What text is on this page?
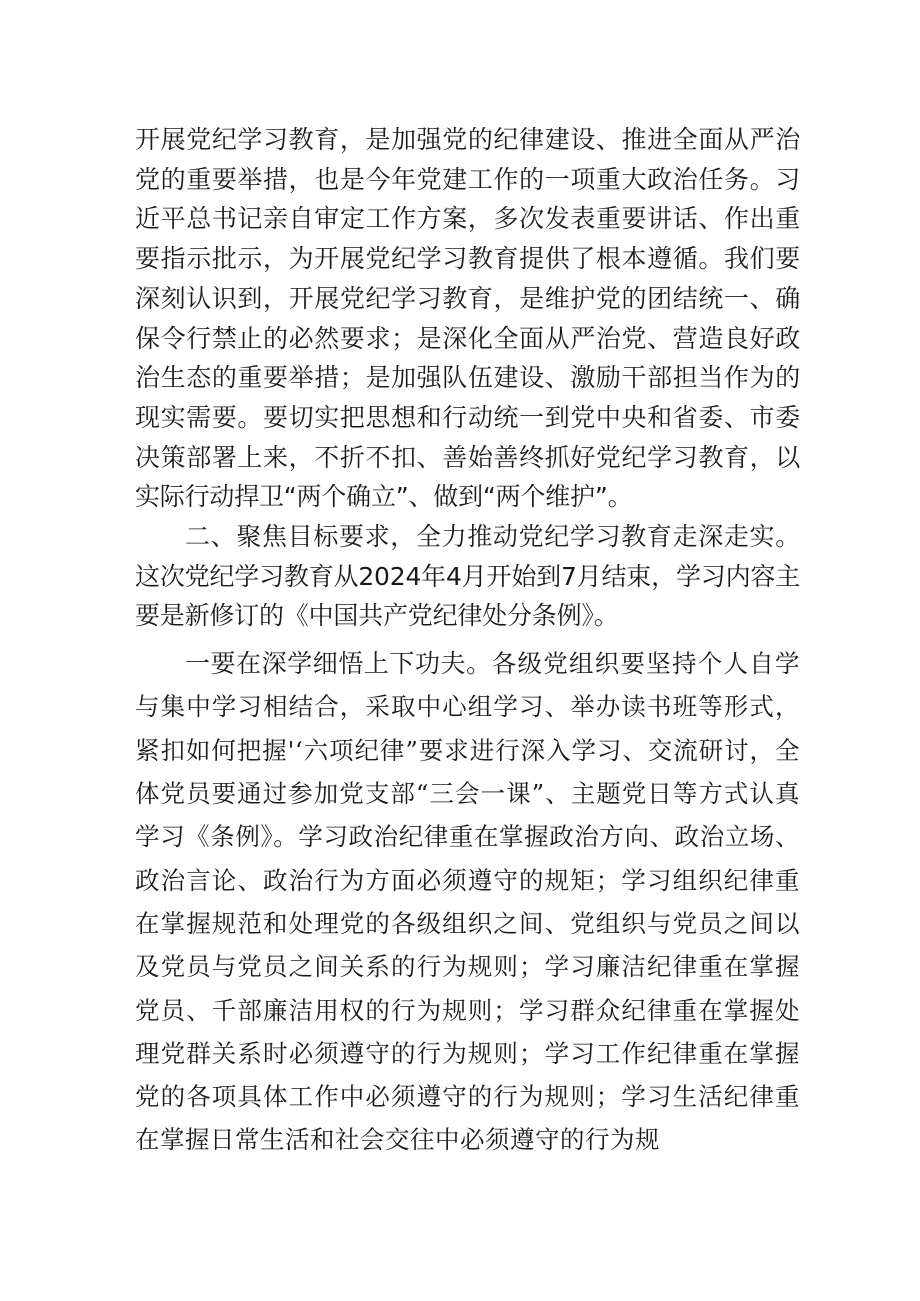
开展党纪学习教育，是加强党的纪律建设、推进全面从严治党的重要举措，也是今年党建工作的一项重大政治任务。习近平总书记亲自审定工作方案，多次发表重要讲话、作出重要指示批示，为开展党纪学习教育提供了根本遵循。我们要深刻认识到，开展党纪学习教育，是维护党的团结统一、确保令行禁止的必然要求；是深化全面从严治党、营造良好政治生态的重要举措；是加强队伍建设、激励干部担当作为的现实需要。要切实把思想和行动统一到党中央和省委、市委决策部署上来，不折不扣、善始善终抓好党纪学习教育，以实际行动捍卫“两个确立”、做到“两个维护”。

二、聚焦目标要求，全力推动党纪学习教育走深走实。这次党纪学习教育从2024年4月开始到7月结束，学习内容主要是新修订的《中国共产党纪律处分条例》。

一要在深学细悟上下功夫。各级党组织要坚持个人自学与集中学习相结合，采取中心组学习、举办读书班等形式，紧扣如何把握'‘六项纪律”要求进行深入学习、交流研讨，全体党员要通过参加党支部“三会一课”、主题党日等方式认真学习《条例》。学习政治纪律重在掌握政治方向、政治立场、政治言论、政治行为方面必须遵守的规矩；学习组织纪律重在掌握规范和处理党的各级组织之间、党组织与党员之间以及党员与党员之间关系的行为规则；学习廉洁纪律重在掌握党员、千部廉洁用权的行为规则；学习群众纪律重在掌握处理党群关系时必须遵守的行为规则；学习工作纪律重在掌握党的各项具体工作中必须遵守的行为规则；学习生活纪律重在掌握日常生活和社会交往中必须遵守的行为规
